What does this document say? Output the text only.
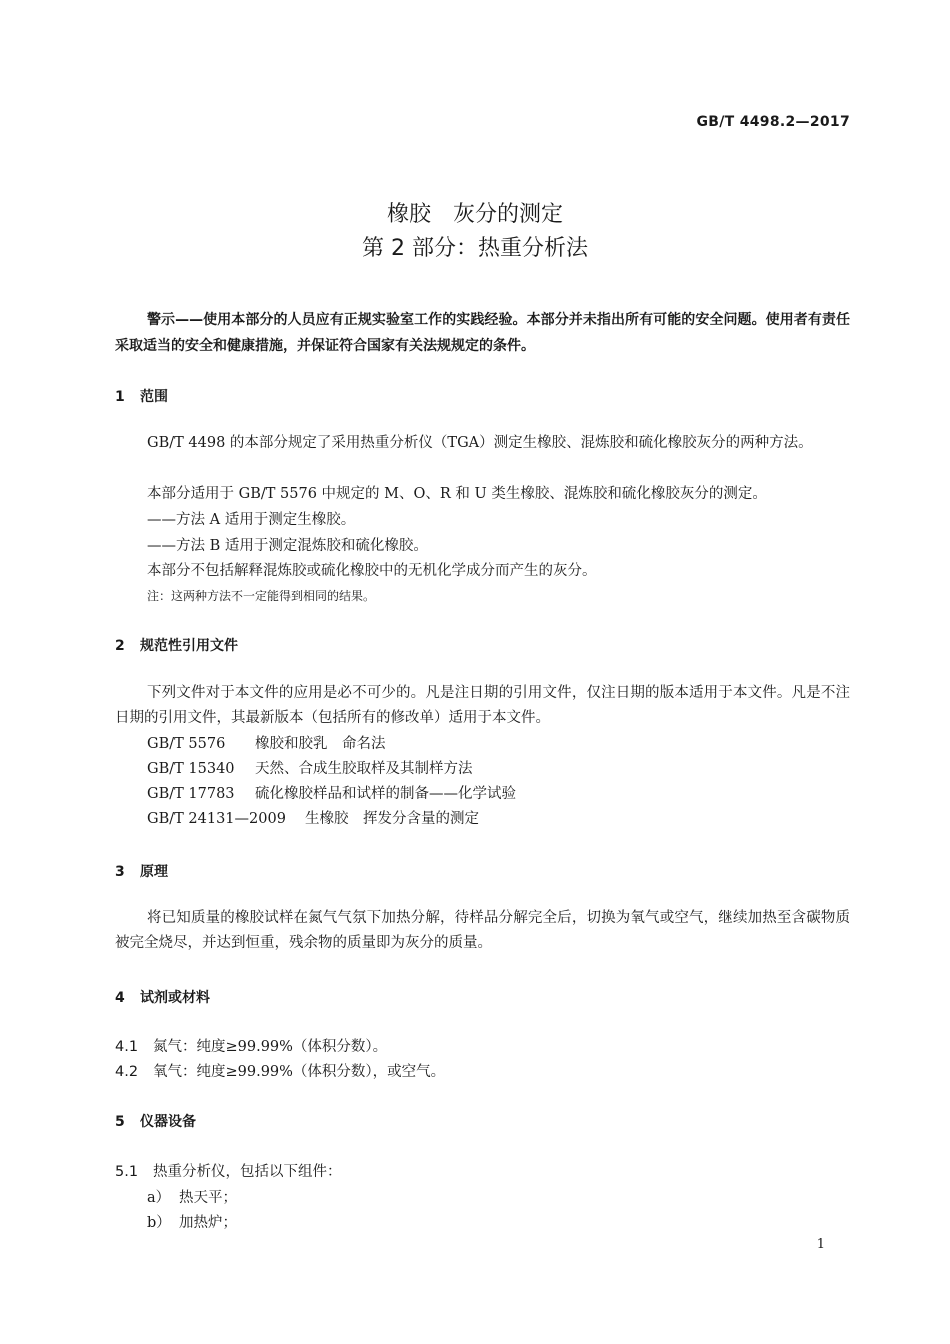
GB/T 4498.2—2017
橡胶　灰分的测定
第 2 部分：热重分析法
警示——使用本部分的人员应有正规实验室工作的实践经验。本部分并未指出所有可能的安全问题。使用者有责任采取适当的安全和健康措施，并保证符合国家有关法规规定的条件。
1 范围
GB/T 4498 的本部分规定了采用热重分析仪（TGA）测定生橡胶、混炼胶和硫化橡胶灰分的两种方法。
本部分适用于 GB/T 5576 中规定的 M、O、R 和 U 类生橡胶、混炼胶和硫化橡胶灰分的测定。
——方法 A 适用于测定生橡胶。
——方法 B 适用于测定混炼胶和硫化橡胶。
本部分不包括解释混炼胶或硫化橡胶中的无机化学成分而产生的灰分。
注：这两种方法不一定能得到相同的结果。
2 规范性引用文件
下列文件对于本文件的应用是必不可少的。凡是注日期的引用文件，仅注日期的版本适用于本文件。凡是不注日期的引用文件，其最新版本（包括所有的修改单）适用于本文件。
GB/T 5576 橡胶和胶乳　命名法
GB/T 15340 天然、合成生胶取样及其制样方法
GB/T 17783 硫化橡胶样品和试样的制备——化学试验
GB/T 24131—2009 生橡胶　挥发分含量的测定
3 原理
将已知质量的橡胶试样在氮气气氛下加热分解，待样品分解完全后，切换为氧气或空气，继续加热至含碳物质被完全烧尽，并达到恒重，残余物的质量即为灰分的质量。
4 试剂或材料
4.1 氮气：纯度≥99.99%（体积分数）。
4.2 氧气：纯度≥99.99%（体积分数），或空气。
5 仪器设备
5.1 热重分析仪，包括以下组件：
a） 热天平；
b） 加热炉；
1
